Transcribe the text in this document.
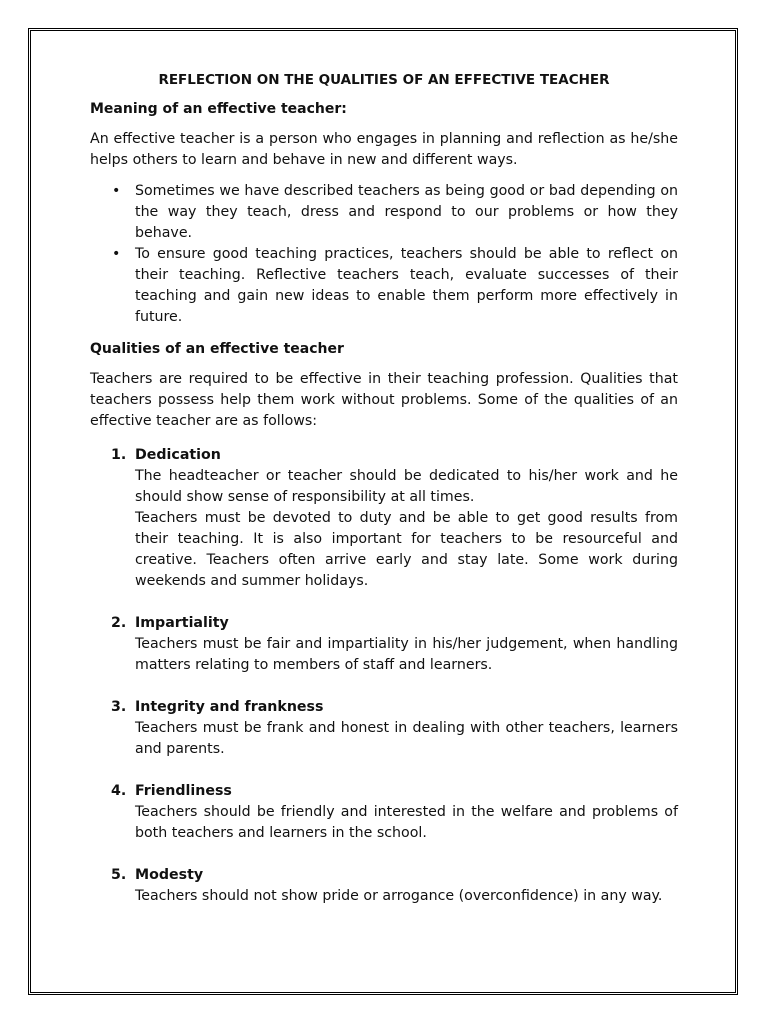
REFLECTION ON THE QUALITIES OF AN EFFECTIVE TEACHER
Meaning of an effective teacher:

An effective teacher is a person who engages in planning and reflection as he/she helps others to learn and behave in new and different ways.

• Sometimes we have described teachers as being good or bad depending on the way they teach, dress and respond to our problems or how they behave.
• To ensure good teaching practices, teachers should be able to reflect on their teaching. Reflective teachers teach, evaluate successes of their teaching and gain new ideas to enable them perform more effectively in future.
Qualities of an effective teacher

Teachers are required to be effective in their teaching profession. Qualities that teachers possess help them work without problems. Some of the qualities of an effective teacher are as follows:

1. Dedication
The headteacher or teacher should be dedicated to his/her work and he should show sense of responsibility at all times.
Teachers must be devoted to duty and be able to get good results from their teaching. It is also important for teachers to be resourceful and creative. Teachers often arrive early and stay late. Some work during weekends and summer holidays.
2. Impartiality
Teachers must be fair and impartiality in his/her judgement, when handling matters relating to members of staff and learners.
3. Integrity and frankness
Teachers must be frank and honest in dealing with other teachers, learners and parents.
4. Friendliness
Teachers should be friendly and interested in the welfare and problems of both teachers and learners in the school.
5. Modesty
Teachers should not show pride or arrogance (overconfidence) in any way.
